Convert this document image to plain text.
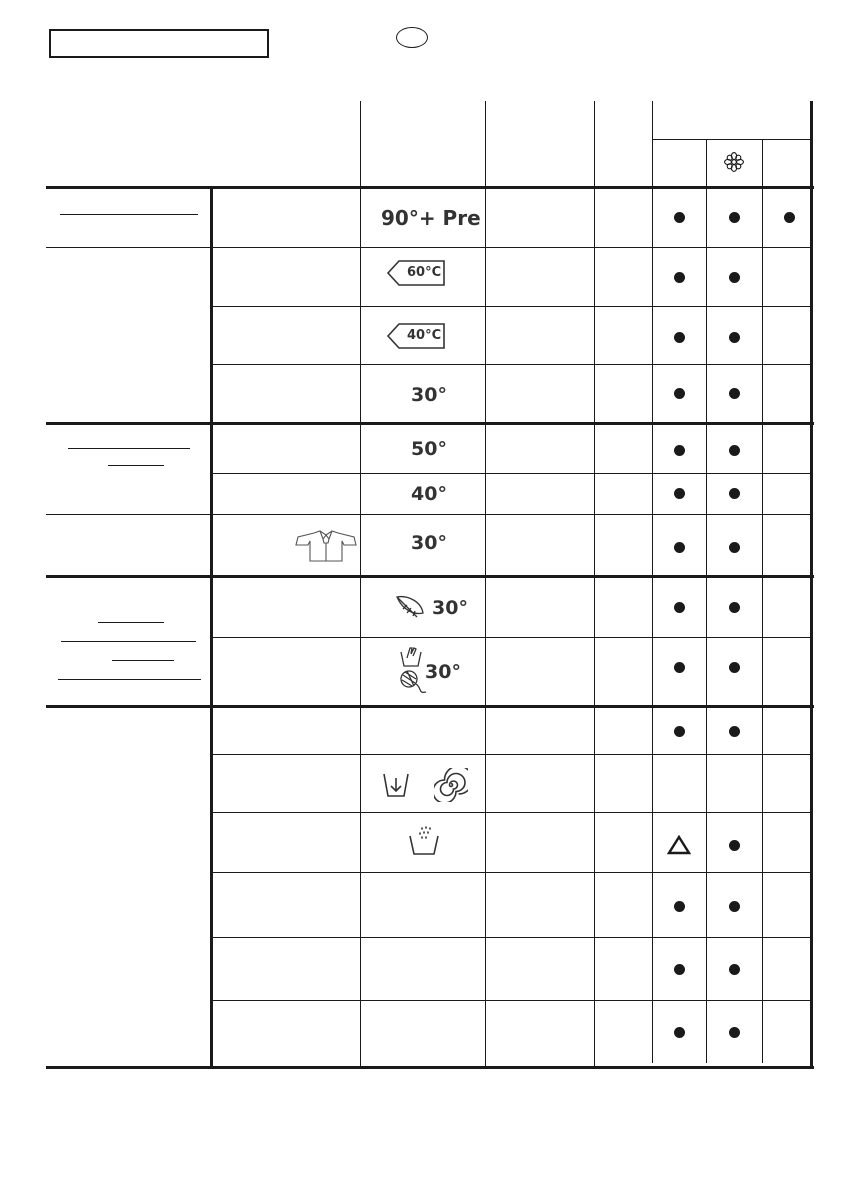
90°+ Pre
60°C
40°C
30°
50°
40°
30°
30°
30°
